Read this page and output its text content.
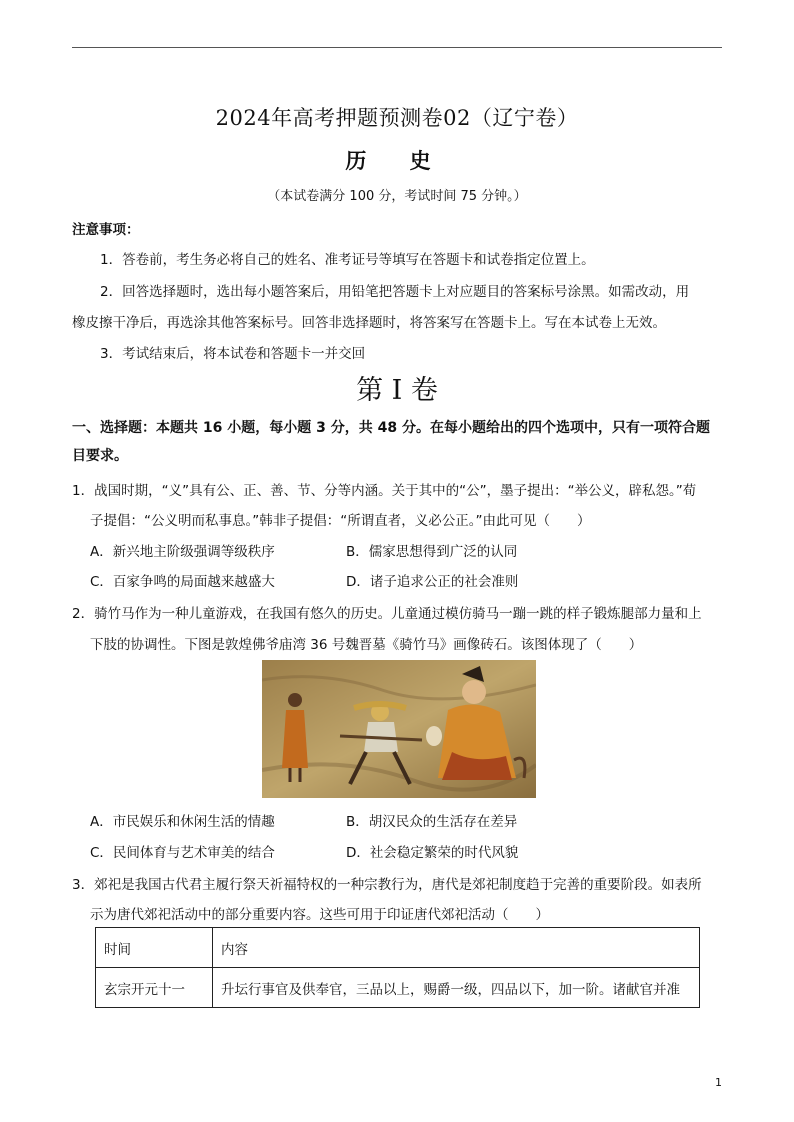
2024年高考押题预测卷02（辽宁卷）
历 史
（本试卷满分 100 分，考试时间 75 分钟。）
注意事项：
1．答卷前，考生务必将自己的姓名、准考证号等填写在答题卡和试卷指定位置上。
2．回答选择题时，选出每小题答案后，用铅笔把答题卡上对应题目的答案标号涂黑。如需改动，用
橡皮擦干净后，再选涂其他答案标号。回答非选择题时，将答案写在答题卡上。写在本试卷上无效。
3．考试结束后，将本试卷和答题卡一并交回
第 I 卷
一、选择题：本题共 16 小题，每小题 3 分，共 48 分。在每小题给出的四个选项中，只有一项符合题目要求。
1．战国时期，“义”具有公、正、善、节、分等内涵。关于其中的“公”，墨子提出：“举公义，辟私怨。”荀
子提倡：“公义明而私事息。”韩非子提倡：“所谓直者，义必公正。”由此可见（　　）
A．新兴地主阶级强调等级秩序	B．儒家思想得到广泛的认同
C．百家争鸣的局面越来越盛大	D．诸子追求公正的社会准则
2．骑竹马作为一种儿童游戏，在我国有悠久的历史。儿童通过模仿骑马一蹦一跳的样子锻炼腿部力量和上
下肢的协调性。下图是敦煌佛爷庙湾 36 号魏晋墓《骑竹马》画像砖石。该图体现了（　　）
A．市民娱乐和休闲生活的情趣	B．胡汉民众的生活存在差异
C．民间体育与艺术审美的结合	D．社会稳定繁荣的时代风貌
3．郊祀是我国古代君主履行祭天祈福特权的一种宗教行为，唐代是郊祀制度趋于完善的重要阶段。如表所
示为唐代郊祀活动中的部分重要内容。这些可用于印证唐代郊祀活动（　　）
时间	内容
玄宗开元十一	升坛行事官及供奉官，三品以上，赐爵一级，四品以下，加一阶。诸献官并准
1
